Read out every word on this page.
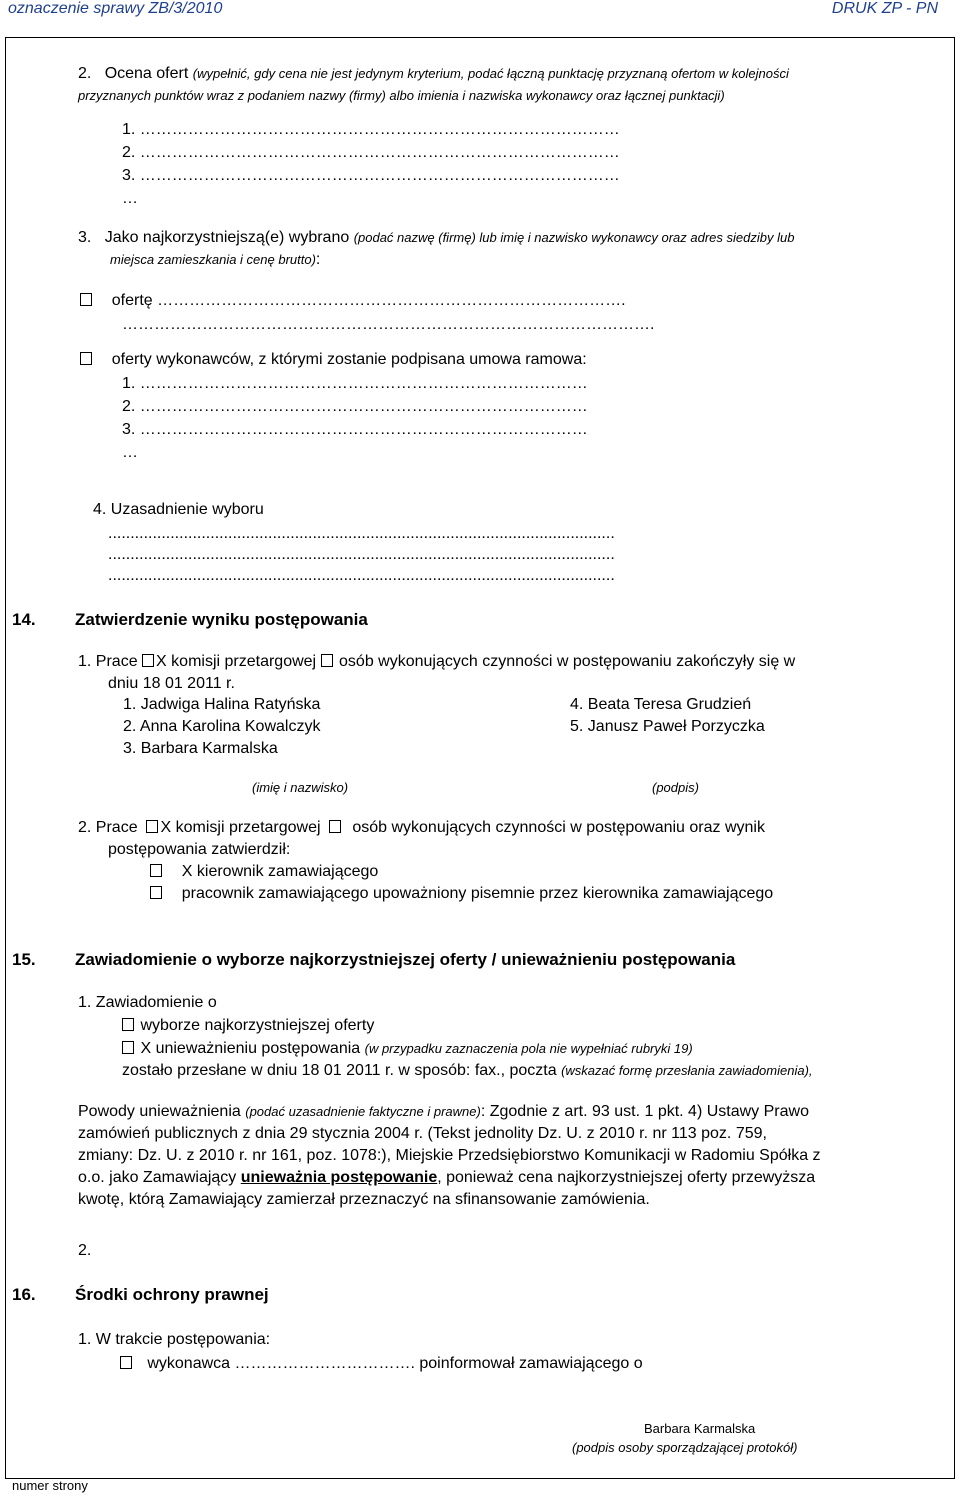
oznaczenie sprawy ZB/3/2010	DRUK ZP - PN
2. Ocena ofert (wypełnić, gdy cena nie jest jedynym kryterium, podać łączną punktację przyznaną ofertom w kolejności
przyznanych punktów wraz z podaniem nazwy (firmy) albo imienia i nazwiska wykonawcy oraz łącznej punktacji)
1. ………………………………………………………………………………
2. ………………………………………………………………………………
3. ………………………………………………………………………………
…
3. Jako najkorzystniejszą(e) wybrano (podać nazwę (firmę) lub imię i nazwisko wykonawcy oraz adres siedziby lub
miejsca zamieszkania i cenę brutto):
ofertę …………………………………………………………………………….
……………………………………………………………………………………….
oferty wykonawców, z którymi zostanie podpisana umowa ramowa:
1. …………………………………………………………………………
2. …………………………………………………………………………
3. …………………………………………………………………………
…
4. Uzasadnienie wyboru
..................................................................................................................
..................................................................................................................
..................................................................................................................
14. Zatwierdzenie wyniku postępowania
1. Prace X komisji przetargowej osób wykonujących czynności w postępowaniu zakończyły się w
dniu 18 01 2011 r.
1. Jadwiga Halina Ratyńska
2. Anna Karolina Kowalczyk
3. Barbara Karmalska
4. Beata Teresa Grudzień
5. Janusz Paweł Porzyczka
(imię i nazwisko)	(podpis)
2. Prace X komisji przetargowej osób wykonujących czynności w postępowaniu oraz wynik
postępowania zatwierdził:
X kierownik zamawiającego
pracownik zamawiającego upoważniony pisemnie przez kierownika zamawiającego
15. Zawiadomienie o wyborze najkorzystniejszej oferty / unieważnieniu postępowania
1. Zawiadomienie o
wyborze najkorzystniejszej oferty
X unieważnieniu postępowania (w przypadku zaznaczenia pola nie wypełniać rubryki 19)
zostało przesłane w dniu 18 01 2011 r. w sposób: fax., poczta (wskazać formę przesłania zawiadomienia),
Powody unieważnienia (podać uzasadnienie faktyczne i prawne): Zgodnie z art. 93 ust. 1 pkt. 4) Ustawy Prawo
zamówień publicznych z dnia 29 stycznia 2004 r. (Tekst jednolity Dz. U. z 2010 r. nr 113 poz. 759,
zmiany: Dz. U. z 2010 r. nr 161, poz. 1078:), Miejskie Przedsiębiorstwo Komunikacji w Radomiu Spółka z
o.o. jako Zamawiający unieważnia postępowanie, ponieważ cena najkorzystniejszej oferty przewyższa
kwotę, którą Zamawiający zamierzał przeznaczyć na sfinansowanie zamówienia.
2.
16. Środki ochrony prawnej
1. W trakcie postępowania:
wykonawca ……………………………. poinformował zamawiającego o
Barbara Karmalska
(podpis osoby sporządzającej protokół)
numer strony
